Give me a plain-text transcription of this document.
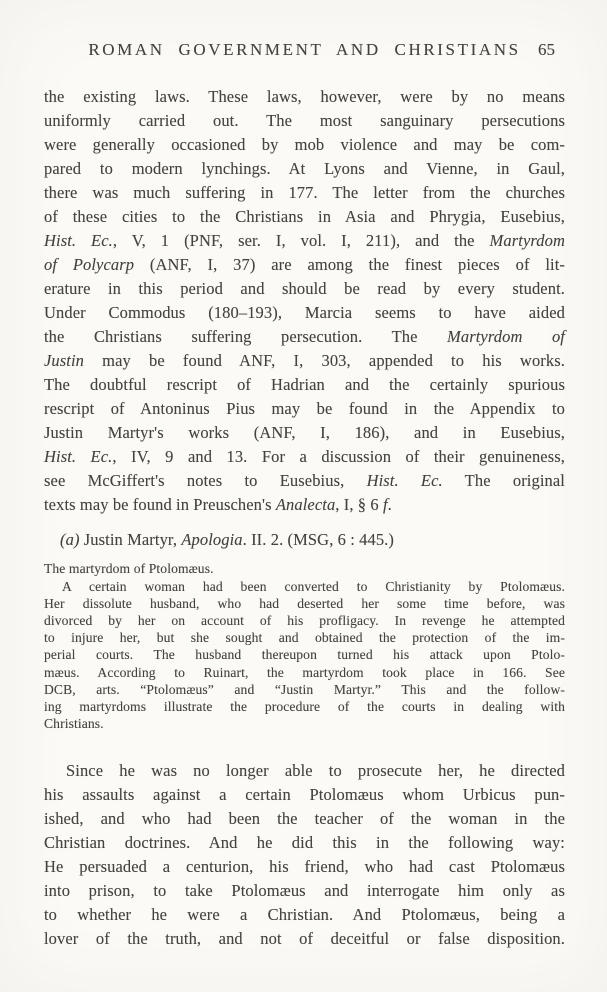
ROMAN GOVERNMENT AND CHRISTIANS 65
the existing laws. These laws, however, were by no means
uniformly carried out. The most sanguinary persecutions
were generally occasioned by mob violence and may be com-
pared to modern lynchings. At Lyons and Vienne, in Gaul,
there was much suffering in 177. The letter from the churches
of these cities to the Christians in Asia and Phrygia, Eusebius,
Hist. Ec., V, 1 (PNF, ser. I, vol. I, 211), and the Martyrdom
of Polycarp (ANF, I, 37) are among the finest pieces of lit-
erature in this period and should be read by every student.
Under Commodus (180–193), Marcia seems to have aided
the Christians suffering persecution. The Martyrdom of
Justin may be found ANF, I, 303, appended to his works.
The doubtful rescript of Hadrian and the certainly spurious
rescript of Antoninus Pius may be found in the Appendix to
Justin Martyr's works (ANF, I, 186), and in Eusebius,
Hist. Ec., IV, 9 and 13. For a discussion of their genuineness,
see McGiffert's notes to Eusebius, Hist. Ec. The original
texts may be found in Preuschen's Analecta, I, § 6 f.
(a) Justin Martyr, Apologia. II. 2. (MSG, 6 : 445.)
The martyrdom of Ptolomæus.
A certain woman had been converted to Christianity by Ptolomæus.
Her dissolute husband, who had deserted her some time before, was
divorced by her on account of his profligacy. In revenge he attempted
to injure her, but she sought and obtained the protection of the im-
perial courts. The husband thereupon turned his attack upon Ptolo-
mæus. According to Ruinart, the martyrdom took place in 166. See
DCB, arts. “Ptolomæus” and “Justin Martyr.” This and the follow-
ing martyrdoms illustrate the procedure of the courts in dealing with
Christians.
Since he was no longer able to prosecute her, he directed
his assaults against a certain Ptolomæus whom Urbicus pun-
ished, and who had been the teacher of the woman in the
Christian doctrines. And he did this in the following way:
He persuaded a centurion, his friend, who had cast Ptolomæus
into prison, to take Ptolomæus and interrogate him only as
to whether he were a Christian. And Ptolomæus, being a
lover of the truth, and not of deceitful or false disposition.
